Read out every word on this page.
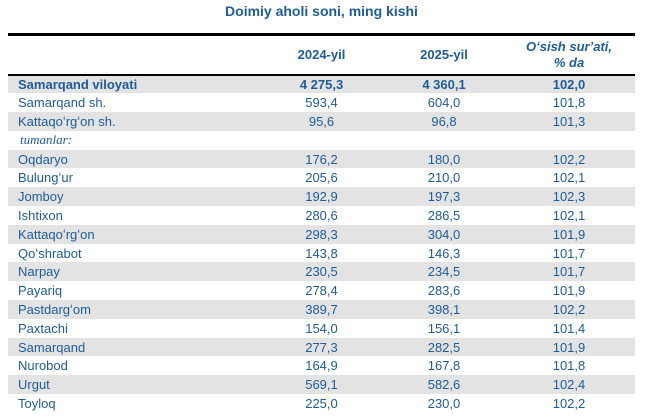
Doimiy aholi soni, ming kishi
	2024-yil	2025-yil	Oʻsish surʼati,
% da
Samarqand viloyati	4 275,3	4 360,1	102,0
Samarqand sh.	593,4	604,0	101,8
Kattaqoʻrgʻon sh.	95,6	96,8	101,3
tumanlar:			
Oqdaryo	176,2	180,0	102,2
Bulungʻur	205,6	210,0	102,1
Jomboy	192,9	197,3	102,3
Ishtixon	280,6	286,5	102,1
Kattaqoʻrgʻon	298,3	304,0	101,9
Qoʻshrabot	143,8	146,3	101,7
Narpay	230,5	234,5	101,7
Payariq	278,4	283,6	101,9
Pastdargʻom	389,7	398,1	102,2
Paxtachi	154,0	156,1	101,4
Samarqand	277,3	282,5	101,9
Nurobod	164,9	167,8	101,8
Urgut	569,1	582,6	102,4
Toyloq	225,0	230,0	102,2
